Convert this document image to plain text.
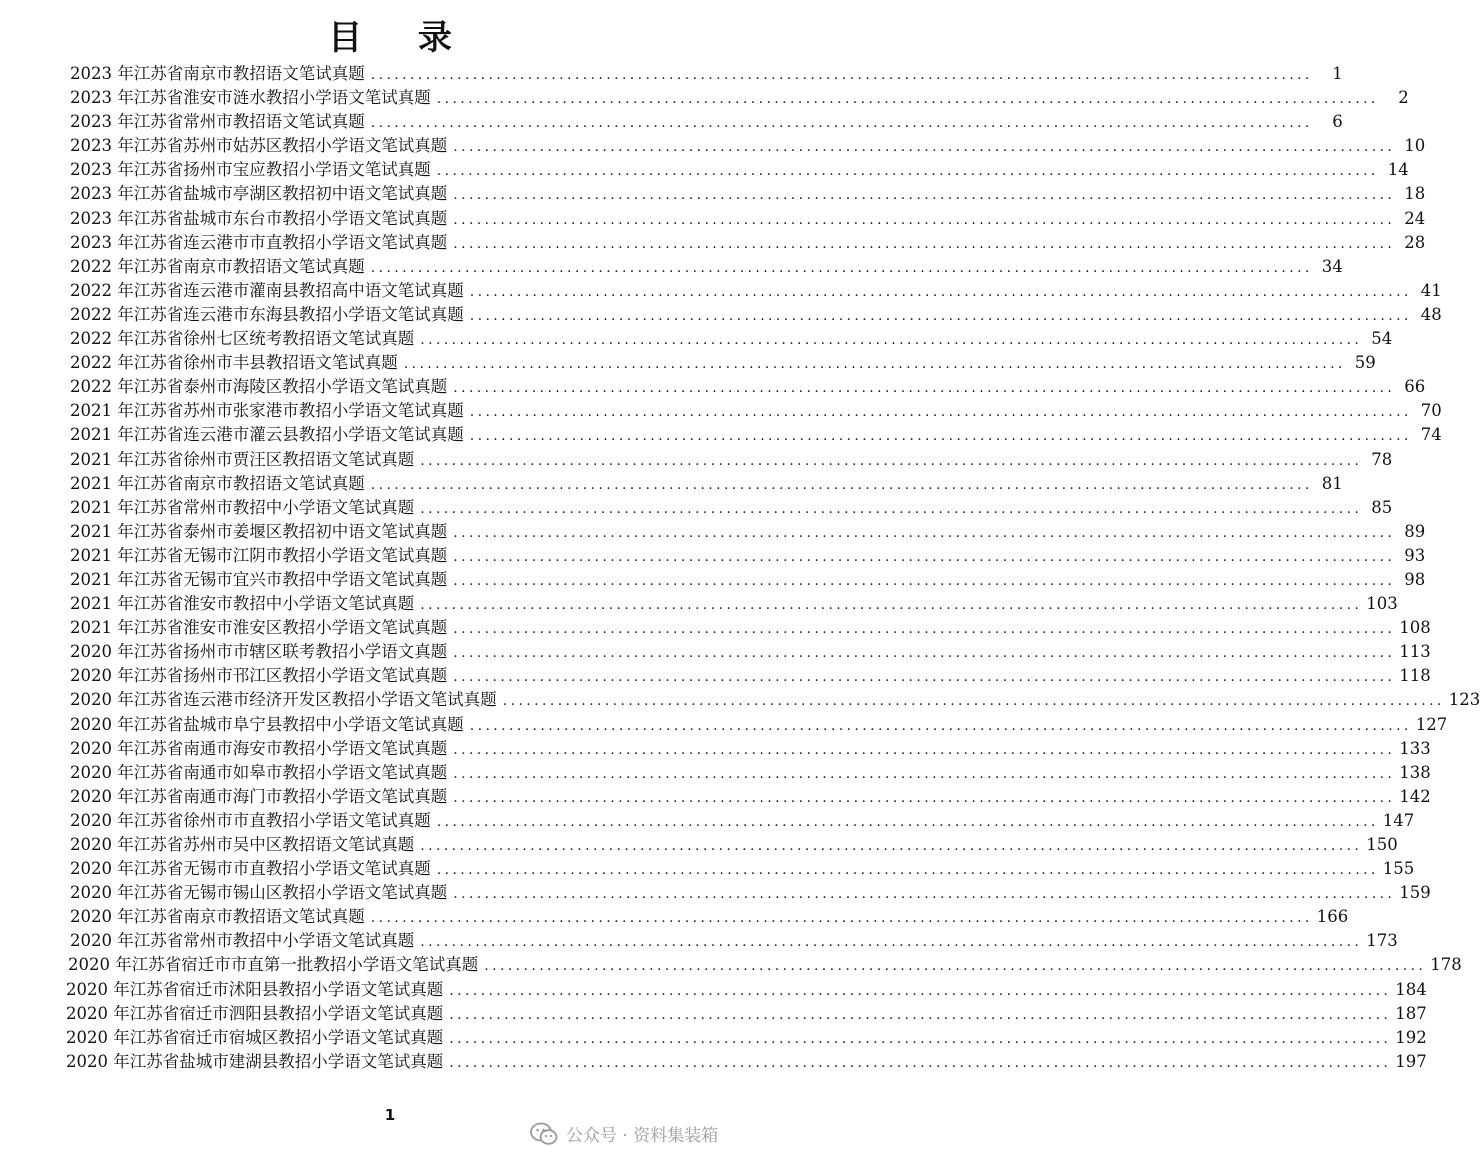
目 录
2023 年江苏省南京市教招语文笔试真题 ........................................................................................................................	1
2023 年江苏省淮安市涟水教招小学语文笔试真题 ........................................................................................................................	2
2023 年江苏省常州市教招语文笔试真题 ........................................................................................................................	6
2023 年江苏省苏州市姑苏区教招小学语文笔试真题 ........................................................................................................................ 10
2023 年江苏省扬州市宝应教招小学语文笔试真题 ........................................................................................................................ 14
2023 年江苏省盐城市亭湖区教招初中语文笔试真题 ........................................................................................................................ 18
2023 年江苏省盐城市东台市教招小学语文笔试真题 ........................................................................................................................ 24
2023 年江苏省连云港市市直教招小学语文笔试真题 ........................................................................................................................ 28
2022 年江苏省南京市教招语文笔试真题 ........................................................................................................................ 34
2022 年江苏省连云港市灌南县教招高中语文笔试真题 ........................................................................................................................ 41
2022 年江苏省连云港市东海县教招小学语文笔试真题 ........................................................................................................................ 48
2022 年江苏省徐州七区统考教招语文笔试真题 ........................................................................................................................ 54
2022 年江苏省徐州市丰县教招语文笔试真题 ........................................................................................................................ 59
2022 年江苏省泰州市海陵区教招小学语文笔试真题 ........................................................................................................................ 66
2021 年江苏省苏州市张家港市教招小学语文笔试真题 ........................................................................................................................ 70
2021 年江苏省连云港市灌云县教招小学语文笔试真题 ........................................................................................................................ 74
2021 年江苏省徐州市贾汪区教招语文笔试真题 ........................................................................................................................ 78
2021 年江苏省南京市教招语文笔试真题 ........................................................................................................................ 81
2021 年江苏省常州市教招中小学语文笔试真题 ........................................................................................................................ 85
2021 年江苏省泰州市姜堰区教招初中语文笔试真题 ........................................................................................................................ 89
2021 年江苏省无锡市江阴市教招小学语文笔试真题 ........................................................................................................................ 93
2021 年江苏省无锡市宜兴市教招中学语文笔试真题 ........................................................................................................................ 98
2021 年江苏省淮安市教招中小学语文笔试真题 ........................................................................................................................ 103
2021 年江苏省淮安市淮安区教招小学语文笔试真题 ........................................................................................................................ 108
2020 年江苏省扬州市市辖区联考教招小学语文真题 ........................................................................................................................ 113
2020 年江苏省扬州市邗江区教招小学语文笔试真题 ........................................................................................................................ 118
2020 年江苏省连云港市经济开发区教招小学语文笔试真题 ........................................................................................................................ 123
2020 年江苏省盐城市阜宁县教招中小学语文笔试真题 ........................................................................................................................ 127
2020 年江苏省南通市海安市教招小学语文笔试真题 ........................................................................................................................ 133
2020 年江苏省南通市如皋市教招小学语文笔试真题 ........................................................................................................................ 138
2020 年江苏省南通市海门市教招小学语文笔试真题 ........................................................................................................................ 142
2020 年江苏省徐州市市直教招小学语文笔试真题 ........................................................................................................................ 147
2020 年江苏省苏州市吴中区教招语文笔试真题 ........................................................................................................................ 150
2020 年江苏省无锡市市直教招小学语文笔试真题 ........................................................................................................................ 155
2020 年江苏省无锡市锡山区教招小学语文笔试真题 ........................................................................................................................ 159
2020 年江苏省南京市教招语文笔试真题 ........................................................................................................................ 166
2020 年江苏省常州市教招中小学语文笔试真题 ........................................................................................................................ 173
2020 年江苏省宿迁市市直第一批教招小学语文笔试真题 ........................................................................................................................ 178
2020 年江苏省宿迁市沭阳县教招小学语文笔试真题 ........................................................................................................................ 184
2020 年江苏省宿迁市泗阳县教招小学语文笔试真题 ........................................................................................................................ 187
2020 年江苏省宿迁市宿城区教招小学语文笔试真题 ........................................................................................................................ 192
2020 年江苏省盐城市建湖县教招小学语文笔试真题 ........................................................................................................................ 197
1
公众号 · 资料集装箱
